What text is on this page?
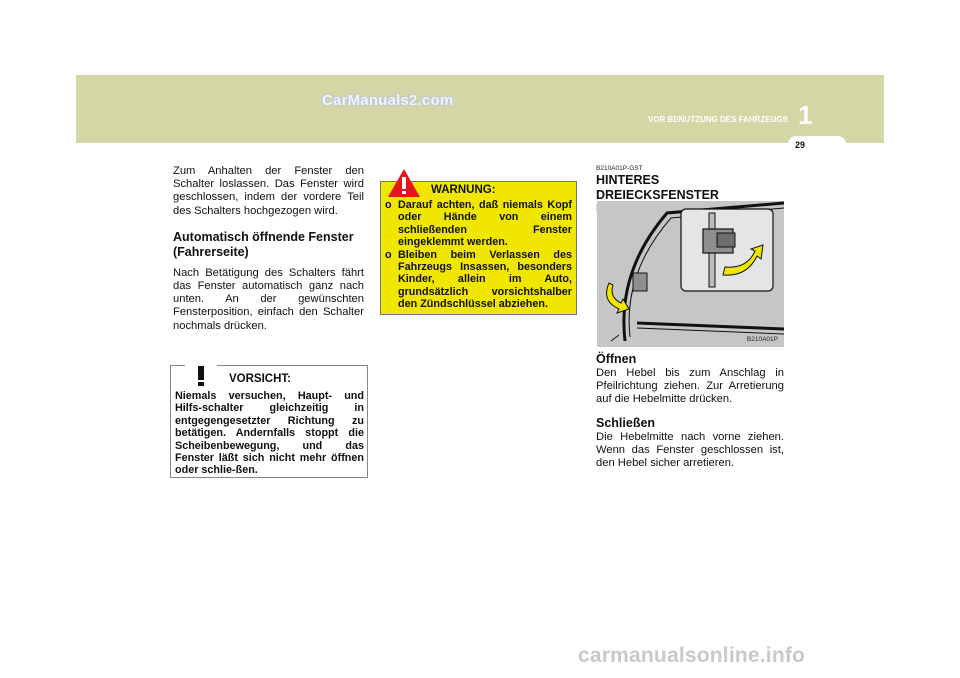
CarManuals2.com
VOR BENUTZUNG DES FAHRZEUGS 1
29

Zum Anhalten der Fenster den Schalter loslassen. Das Fenster wird geschlossen, indem der vordere Teil des Schalters hochgezogen wird.

Automatisch öffnende Fenster (Fahrerseite)

Nach Betätigung des Schalters fährt das Fenster automatisch ganz nach unten. An der gewünschten Fensterposition, einfach den Schalter nochmals drücken.

VORSICHT:

Niemals versuchen, Haupt- und Hilfs-schalter gleichzeitig in entgegengesetzter Richtung zu betätigen. Andernfalls stoppt die Scheibenbewegung, und das Fenster läßt sich nicht mehr öffnen oder schlie-ßen.

WARNUNG:
o Darauf achten, daß niemals Kopf oder Hände von einem schließenden Fenster eingeklemmt werden.
o Bleiben beim Verlassen des Fahrzeugs Insassen, besonders Kinder, allein im Auto, grundsätzlich vorsichtshalber den Zündschlüssel abziehen.
B210A01P-GST
HINTERES DREIECKSFENSTER
B210A01P
Öffnen

Den Hebel bis zum Anschlag in Pfeilrichtung ziehen. Zur Arretierung auf die Hebelmitte drücken.

Schließen

Die Hebelmitte nach vorne ziehen. Wenn das Fenster geschlossen ist, den Hebel sicher arretieren.

carmanualsonline.info
